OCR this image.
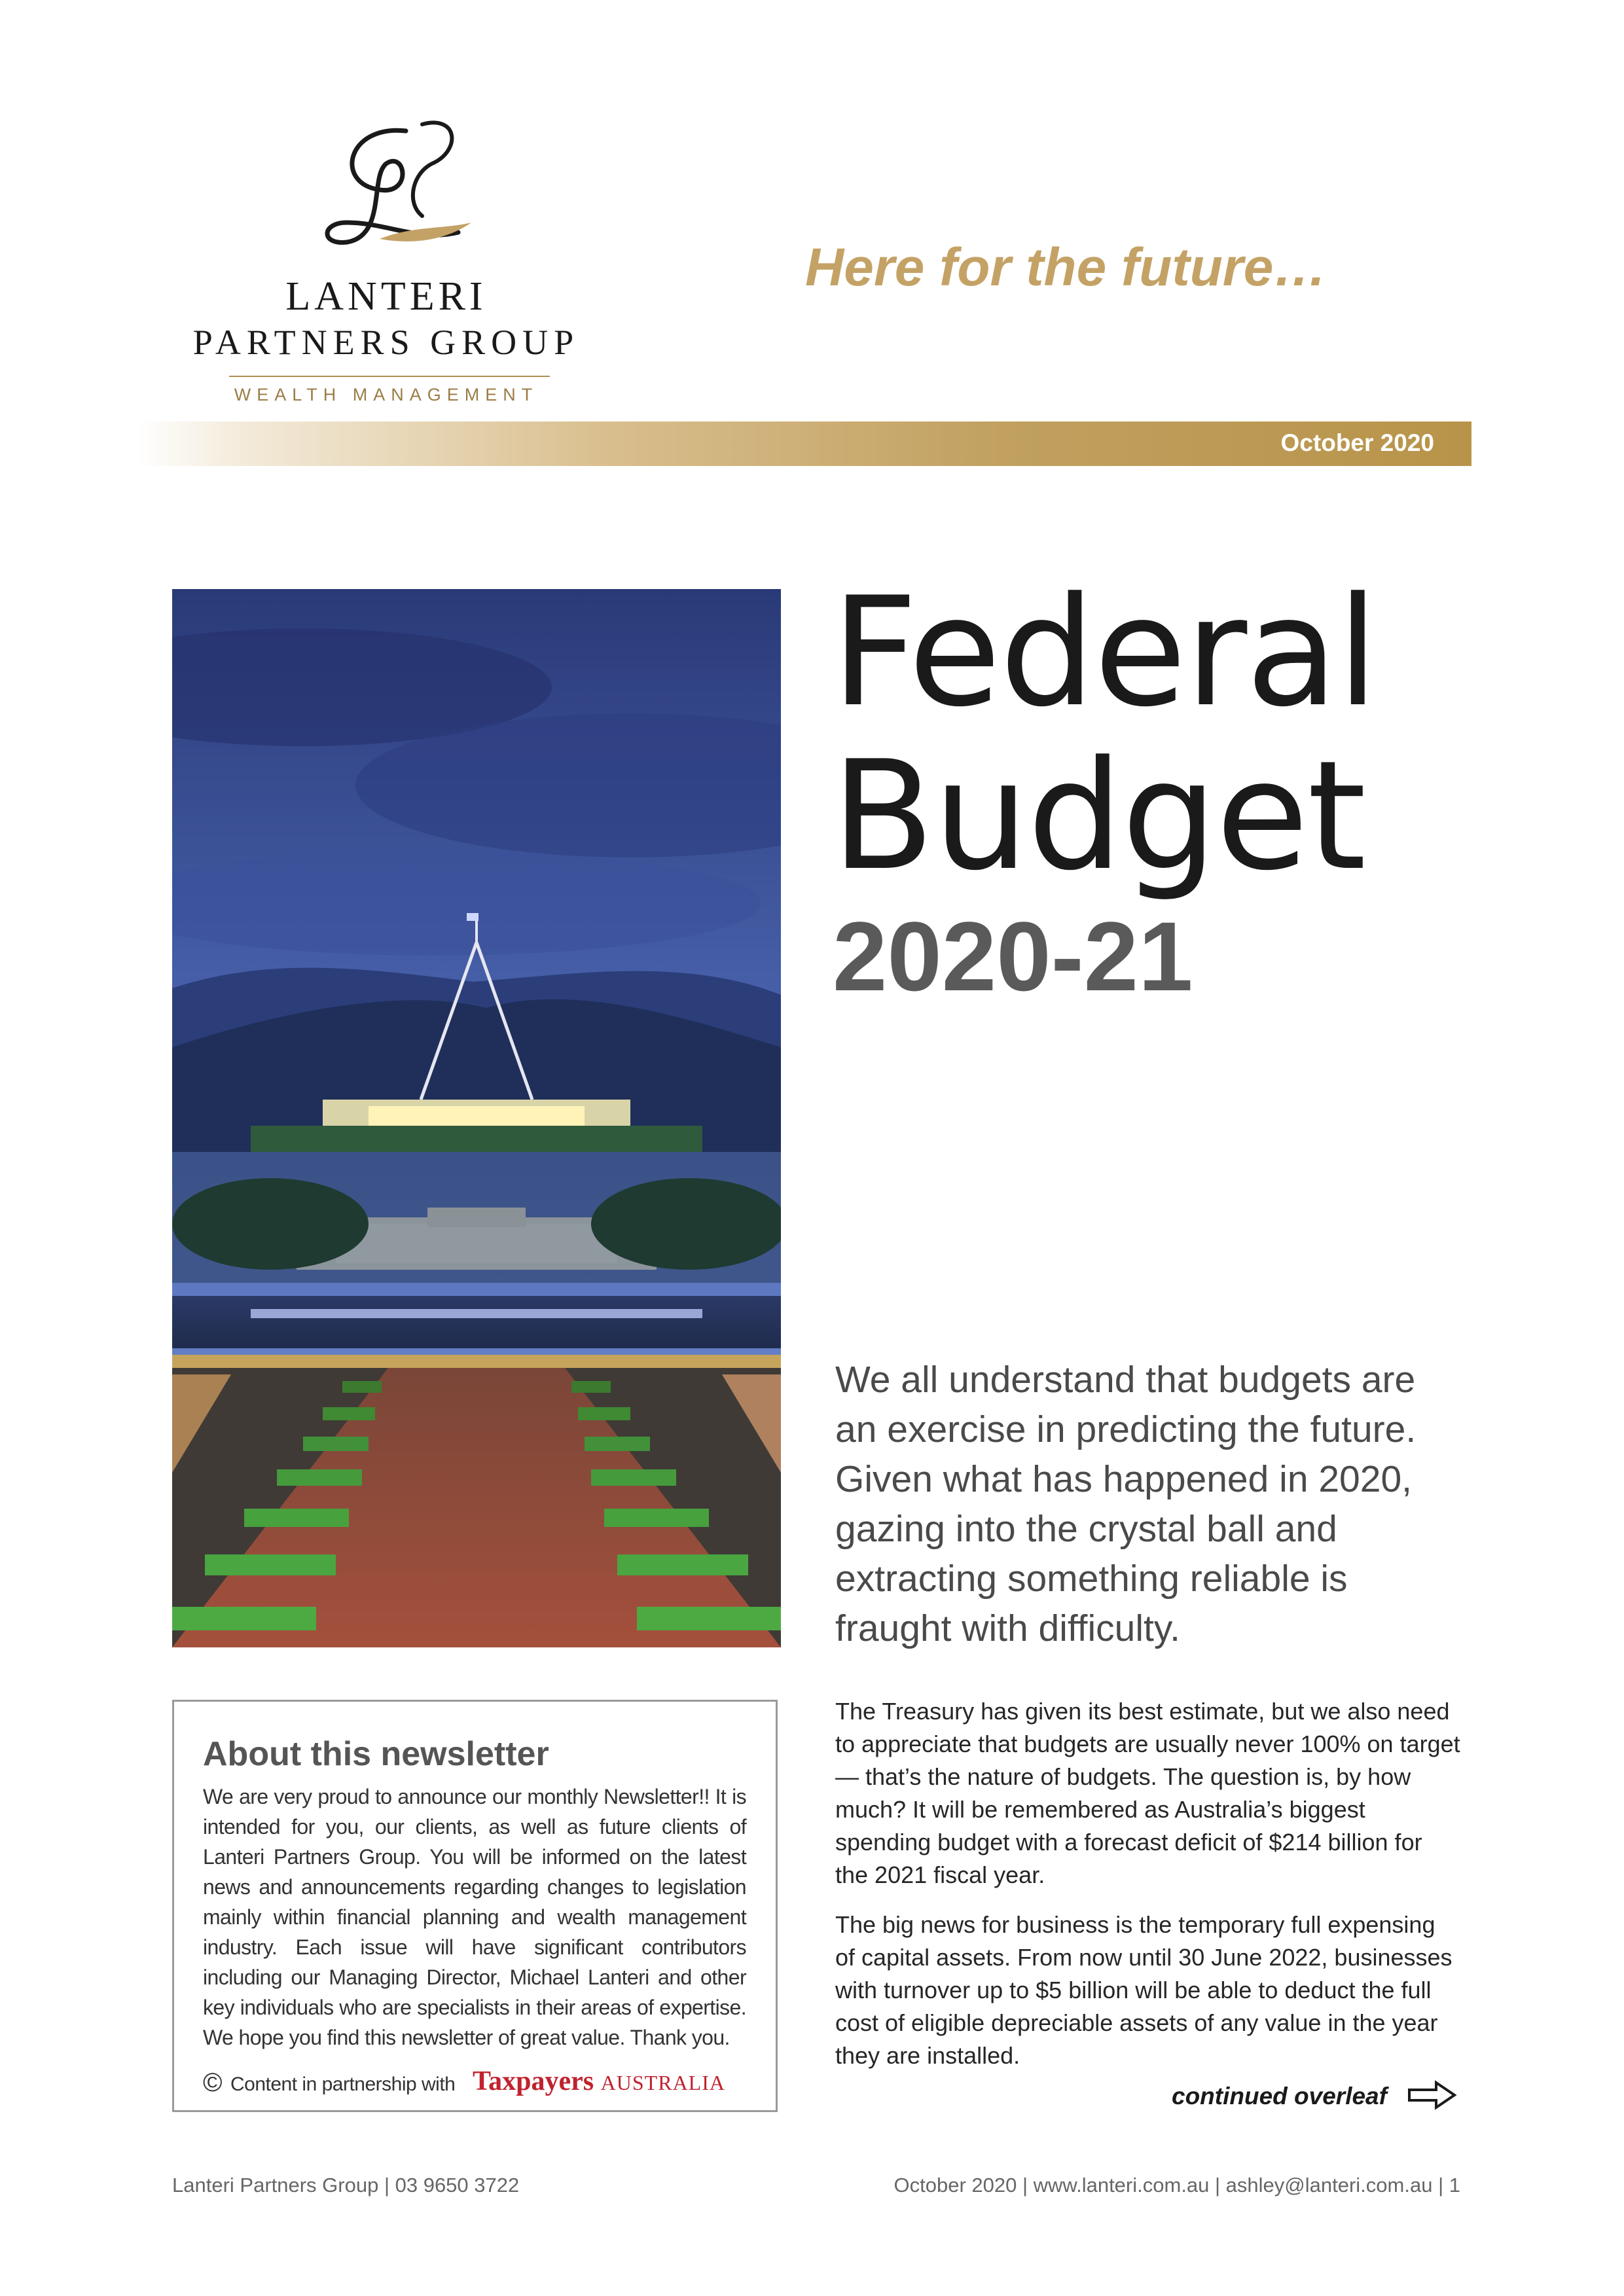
LANTERI
PARTNERS GROUP
WEALTH MANAGEMENT
Here for the future…
October 2020
Federal
Budget
2020-21
We all understand that budgets are an exercise in predicting the future. Given what has happened in 2020, gazing into the crystal ball and extracting something reliable is fraught with difficulty.

The Treasury has given its best estimate, but we also need to appreciate that budgets are usually never 100% on target — that’s the nature of budgets. The question is, by how much? It will be remembered as Australia’s biggest spending budget with a forecast deficit of $214 billion for the 2021 fiscal year.

The big news for business is the temporary full expensing of capital assets. From now until 30 June 2022, businesses with turnover up to $5 billion will be able to deduct the full cost of eligible depreciable assets of any value in the year they are installed.

continued overleaf
About this newsletter
We are very proud to announce our monthly Newsletter!! It is intended for you, our clients, as well as future clients of Lanteri Partners Group. You will be informed on the latest news and announcements regarding changes to legislation mainly within financial planning and wealth management industry. Each issue will have significant contributors including our Managing Director, Michael Lanteri and other key individuals who are specialists in their areas of expertise. We hope you find this newsletter of great value. Thank you.
© Content in partnership with Taxpayers AUSTRALIA
Lanteri Partners Group | 03 9650 3722	October 2020 | www.lanteri.com.au | ashley@lanteri.com.au | 1
